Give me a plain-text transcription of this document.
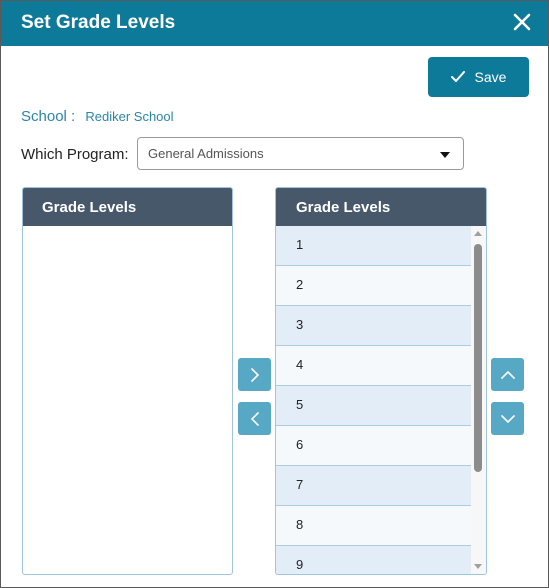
Set Grade Levels
Save
School : Rediker School
Which Program: General Admissions
Grade Levels	Grade Levels
1
2
3
4
5
6
7
8
9
